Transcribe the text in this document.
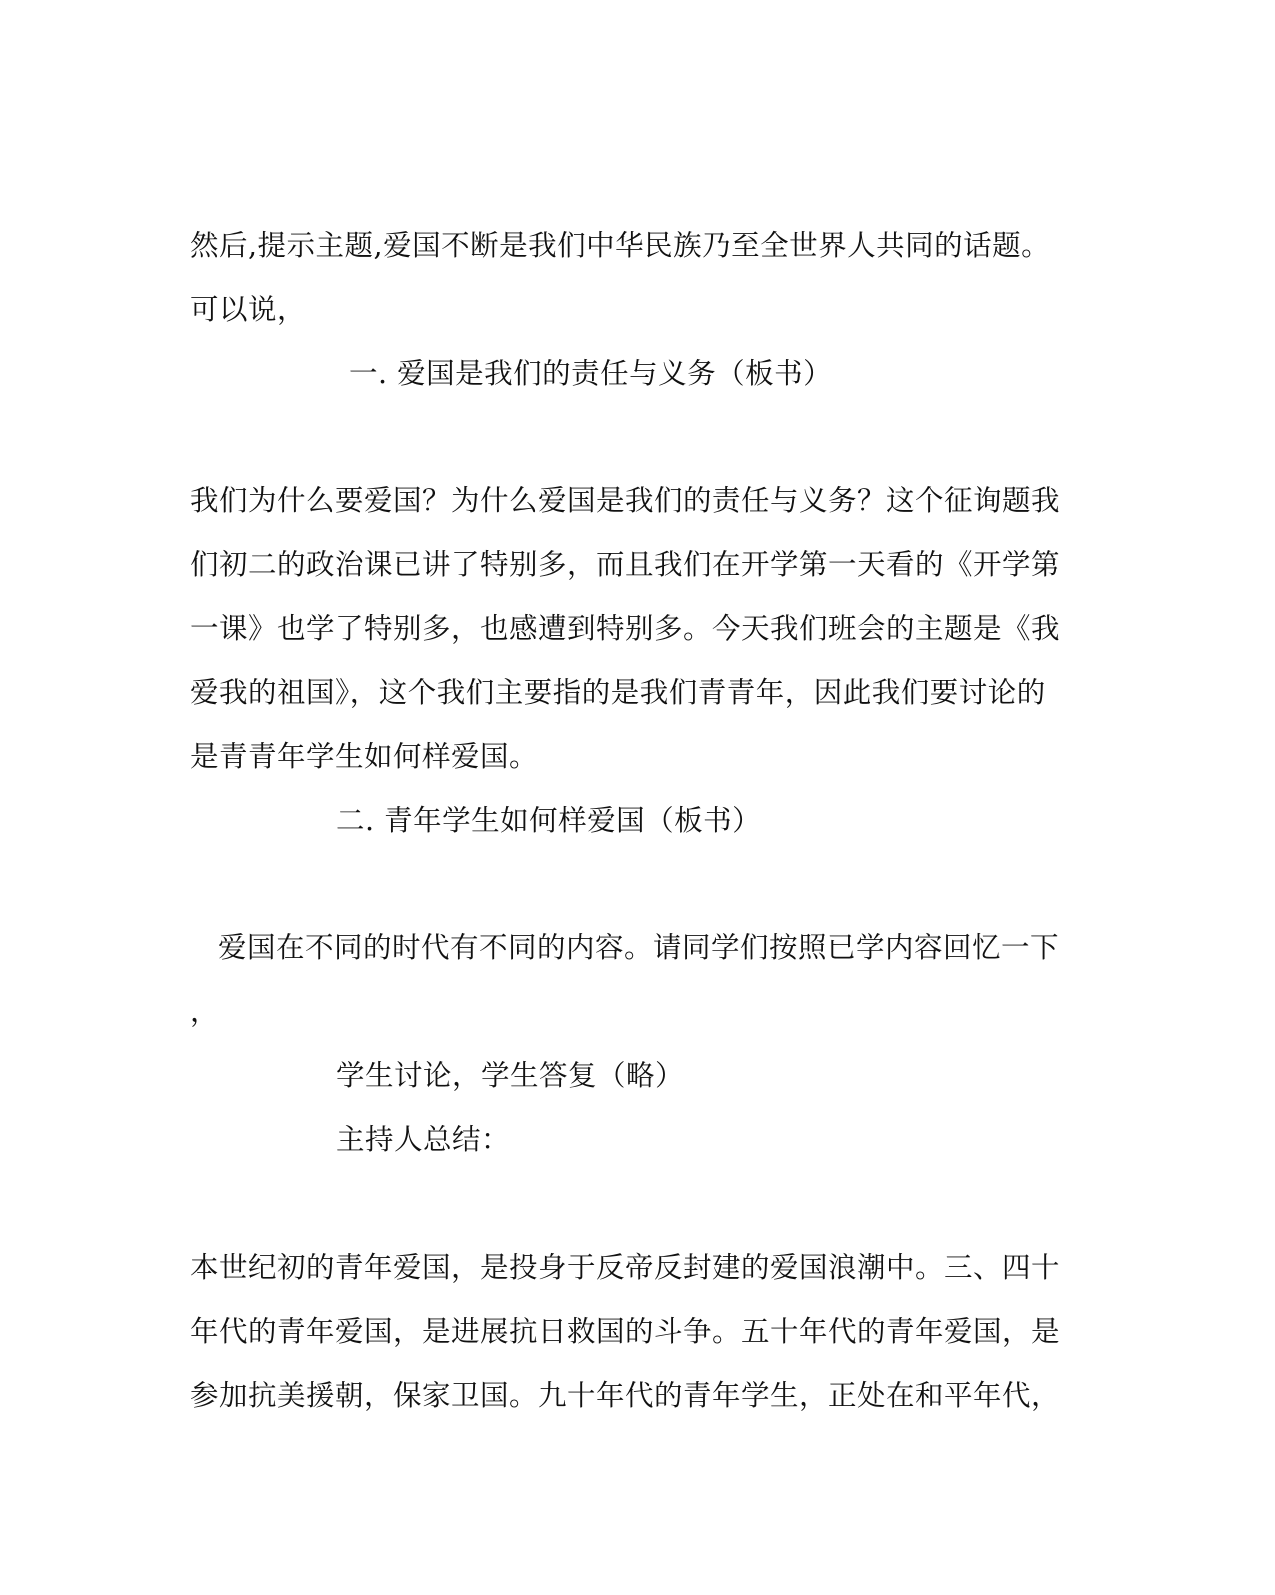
然后,提示主题,爱国不断是我们中华民族乃至全世界人共同的话题。
可以说，
一. 爱国是我们的责任与义务（板书）
我们为什么要爱国？为什么爱国是我们的责任与义务？这个征询题我
们初二的政治课已讲了特别多，而且我们在开学第一天看的《开学第
一课》也学了特别多，也感遭到特别多。今天我们班会的主题是《我
爱我的祖国》，这个我们主要指的是我们青青年，因此我们要讨论的
是青青年学生如何样爱国。
二. 青年学生如何样爱国（板书）
爱国在不同的时代有不同的内容。请同学们按照已学内容回忆一下
，
学生讨论，学生答复（略）
主持人总结：
本世纪初的青年爱国，是投身于反帝反封建的爱国浪潮中。三、四十
年代的青年爱国，是进展抗日救国的斗争。五十年代的青年爱国，是
参加抗美援朝，保家卫国。九十年代的青年学生，正处在和平年代，
